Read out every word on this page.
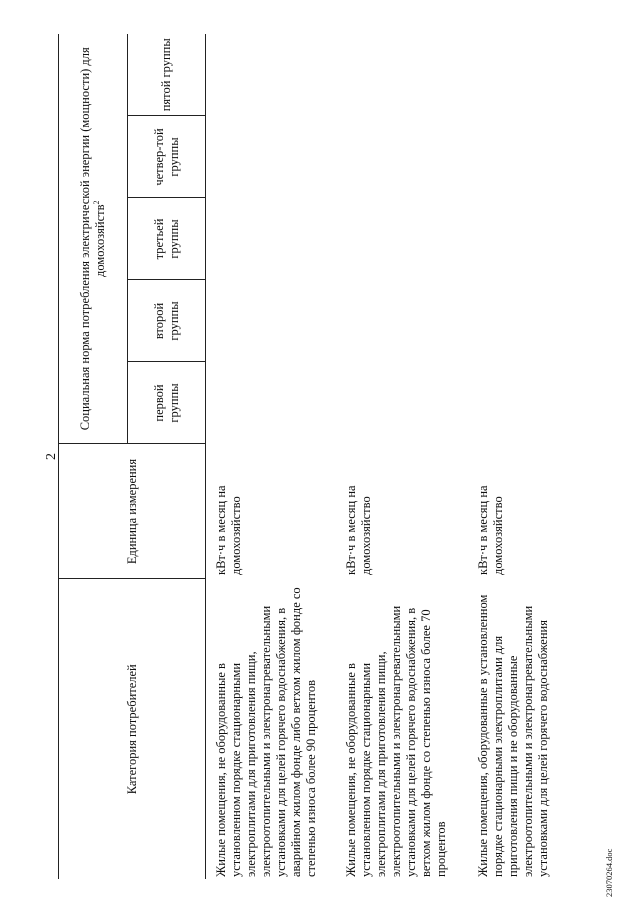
2
Категория потребителей	Единица измерения	Социальная норма потребления электрической энергии (мощности) для домохозяйств$^2$
		первой группы	второй группы	третьей группы	четвер-той группы	пятой группы
Жилые помещения, не оборудованные в установленном порядке стационарными электроплитами для приготовления пищи, электроотопительными и электронагревательными установками для целей горячего водоснабжения, в аварийном жилом фонде либо ветхом жилом фонде со степенью износа более 90 процентов	кВт·ч в месяц на домохозяйство					
Жилые помещения, не оборудованные в установленном порядке стационарными электроплитами для приготовления пищи, электроотопительными и электронагревательными установками для целей горячего водоснабжения, в ветхом жилом фонде со степенью износа более 70 процентов	кВт·ч в месяц на домохозяйство					
Жилые помещения, оборудованные в установленном порядке стационарными электроплитами для приготовления пищи и не оборудованные электроотопительными и электронагревательными установками для целей горячего водоснабжения	кВт·ч в месяц на домохозяйство					
23070264.doc
